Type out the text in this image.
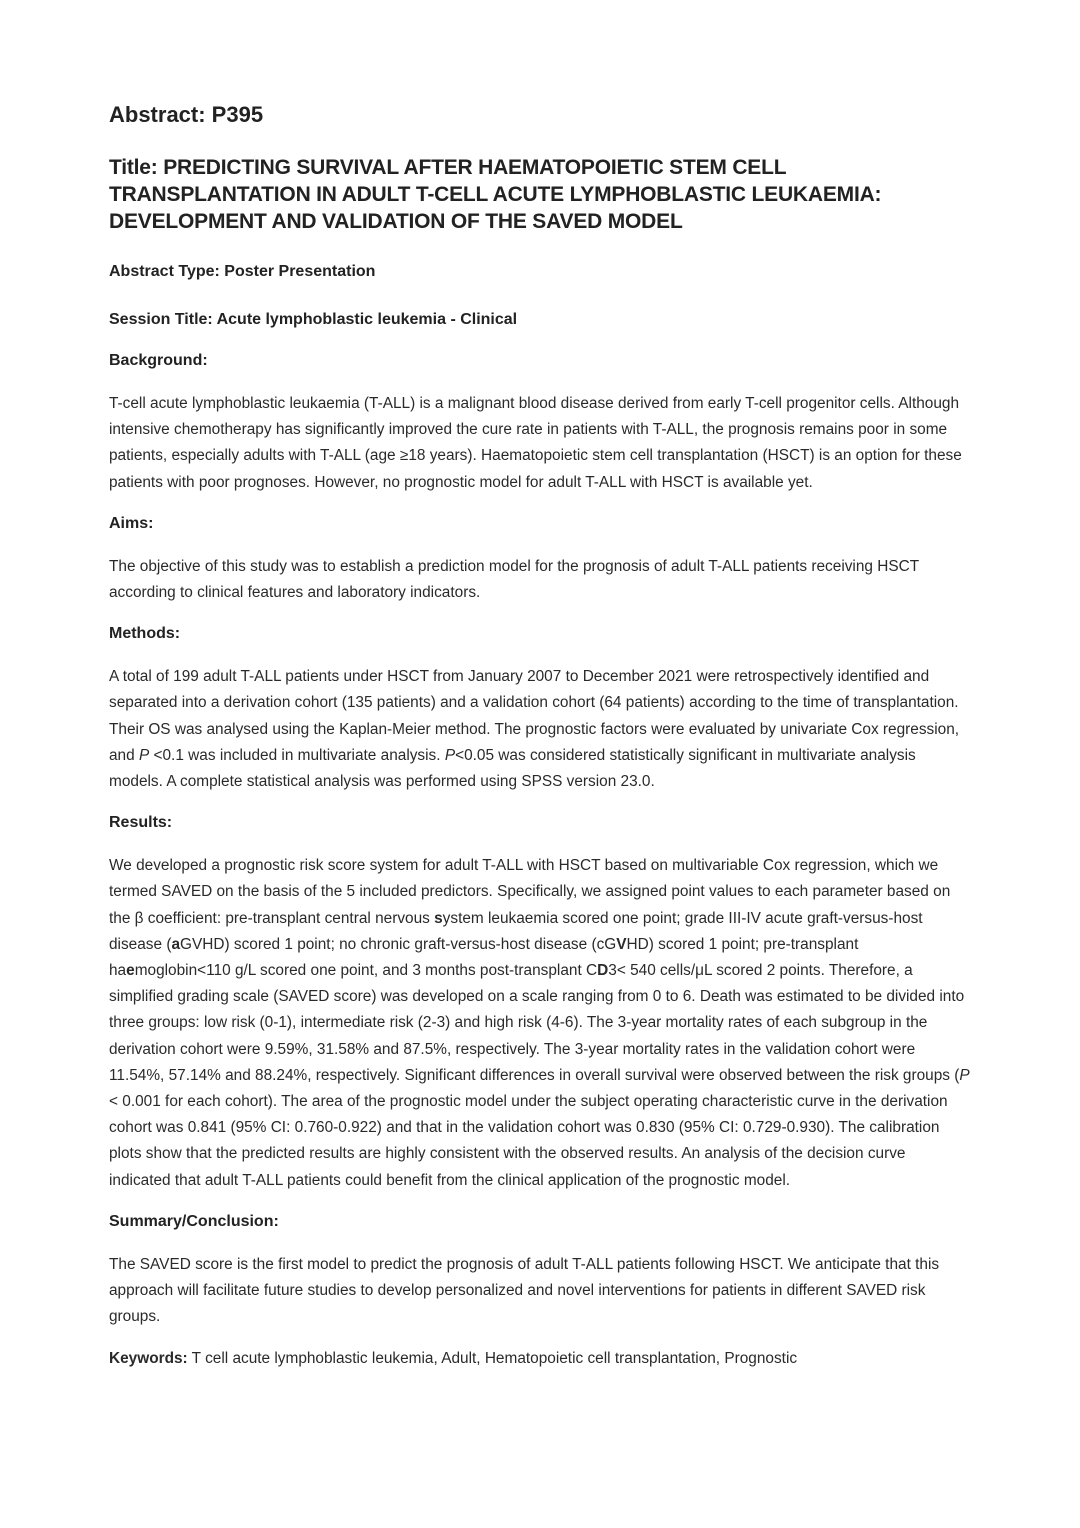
Abstract: P395
Title: PREDICTING SURVIVAL AFTER HAEMATOPOIETIC STEM CELL TRANSPLANTATION IN ADULT T-CELL ACUTE LYMPHOBLASTIC LEUKAEMIA: DEVELOPMENT AND VALIDATION OF THE SAVED MODEL

Abstract Type: Poster Presentation

Session Title: Acute lymphoblastic leukemia - Clinical

Background:

T-cell acute lymphoblastic leukaemia (T-ALL) is a malignant blood disease derived from early T-cell progenitor cells. Although intensive chemotherapy has significantly improved the cure rate in patients with T-ALL, the prognosis remains poor in some patients, especially adults with T-ALL (age ≥18 years). Haematopoietic stem cell transplantation (HSCT) is an option for these patients with poor prognoses. However, no prognostic model for adult T-ALL with HSCT is available yet.

Aims:

The objective of this study was to establish a prediction model for the prognosis of adult T-ALL patients receiving HSCT according to clinical features and laboratory indicators.

Methods:

A total of 199 adult T-ALL patients under HSCT from January 2007 to December 2021 were retrospectively identified and separated into a derivation cohort (135 patients) and a validation cohort (64 patients) according to the time of transplantation. Their OS was analysed using the Kaplan-Meier method. The prognostic factors were evaluated by univariate Cox regression, and P <0.1 was included in multivariate analysis. P<0.05 was considered statistically significant in multivariate analysis models. A complete statistical analysis was performed using SPSS version 23.0.

Results:

We developed a prognostic risk score system for adult T-ALL with HSCT based on multivariable Cox regression, which we termed SAVED on the basis of the 5 included predictors. Specifically, we assigned point values to each parameter based on the β coefficient: pre-transplant central nervous system leukaemia scored one point; grade III-IV acute graft-versus-host disease (aGVHD) scored 1 point; no chronic graft-versus-host disease (cGVHD) scored 1 point; pre-transplant haemoglobin<110 g/L scored one point, and 3 months post-transplant CD3< 540 cells/μL scored 2 points. Therefore, a simplified grading scale (SAVED score) was developed on a scale ranging from 0 to 6. Death was estimated to be divided into three groups: low risk (0-1), intermediate risk (2-3) and high risk (4-6). The 3-year mortality rates of each subgroup in the derivation cohort were 9.59%, 31.58% and 87.5%, respectively. The 3-year mortality rates in the validation cohort were 11.54%, 57.14% and 88.24%, respectively. Significant differences in overall survival were observed between the risk groups (P < 0.001 for each cohort). The area of the prognostic model under the subject operating characteristic curve in the derivation cohort was 0.841 (95% CI: 0.760-0.922) and that in the validation cohort was 0.830 (95% CI: 0.729-0.930). The calibration plots show that the predicted results are highly consistent with the observed results. An analysis of the decision curve indicated that adult T-ALL patients could benefit from the clinical application of the prognostic model.

Summary/Conclusion:

The SAVED score is the first model to predict the prognosis of adult T-ALL patients following HSCT. We anticipate that this approach will facilitate future studies to develop personalized and novel interventions for patients in different SAVED risk groups.

Keywords: T cell acute lymphoblastic leukemia, Adult, Hematopoietic cell transplantation, Prognostic
